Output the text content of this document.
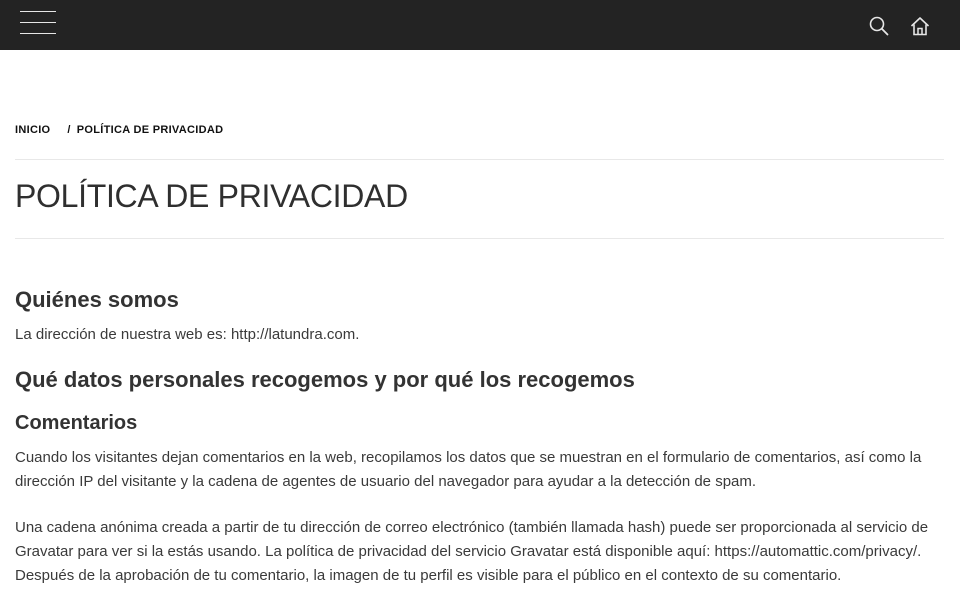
INICIO / POLÍTICA DE PRIVACIDAD
POLÍTICA DE PRIVACIDAD
Quiénes somos

La dirección de nuestra web es: http://latundra.com.

Qué datos personales recogemos y por qué los recogemos
Comentarios

Cuando los visitantes dejan comentarios en la web, recopilamos los datos que se muestran en el formulario de comentarios, así como la dirección IP del visitante y la cadena de agentes de usuario del navegador para ayudar a la detección de spam.

Una cadena anónima creada a partir de tu dirección de correo electrónico (también llamada hash) puede ser proporcionada al servicio de Gravatar para ver si la estás usando. La política de privacidad del servicio Gravatar está disponible aquí: https://automattic.com/privacy/. Después de la aprobación de tu comentario, la imagen de tu perfil es visible para el público en el contexto de su comentario.
